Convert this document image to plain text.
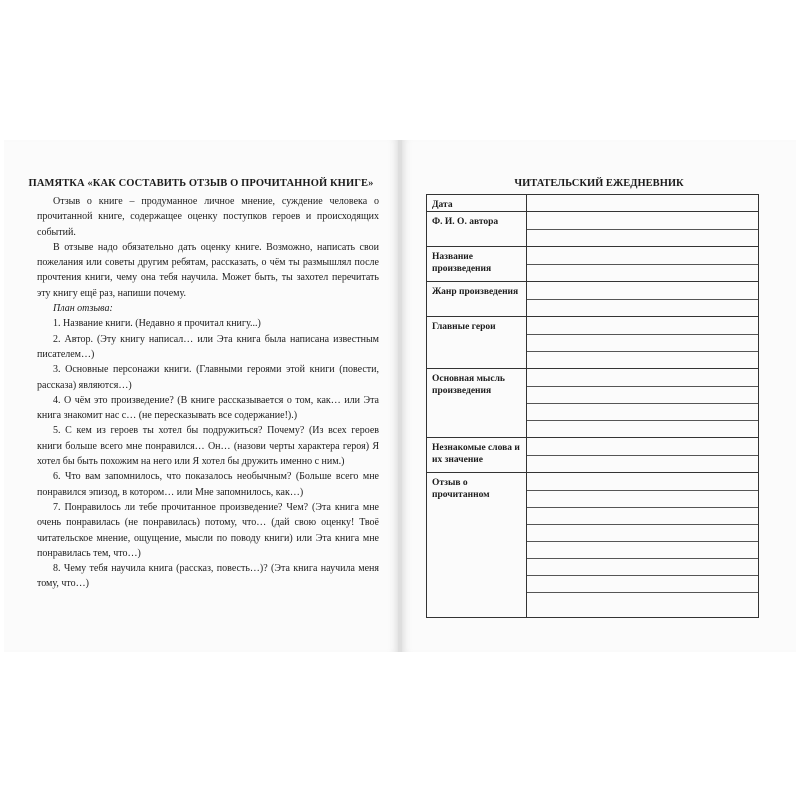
ПАМЯТКА «КАК СОСТАВИТЬ ОТЗЫВ О ПРОЧИТАННОЙ КНИГЕ»

Отзыв о книге – продуманное личное мнение, суждение человека о прочитанной книге, содержащее оценку поступков героев и происходящих событий.

В отзыве надо обязательно дать оценку книге. Возможно, написать свои пожелания или советы другим ребятам, рассказать, о чём ты размышлял после прочтения книги, чему она тебя научила. Может быть, ты захотел перечитать эту книгу ещё раз, напиши почему.

План отзыва:

1. Название книги. (Недавно я прочитал книгу...)

2. Автор. (Эту книгу написал… или Эта книга была написана известным писателем…)

3. Основные персонажи книги. (Главными героями этой книги (повести, рассказа) являются…)

4. О чём это произведение? (В книге рассказывается о том, как… или Эта книга знакомит нас с… (не пересказывать все содержание!).)

5. С кем из героев ты хотел бы подружиться? Почему? (Из всех героев книги больше всего мне понравился… Он… (назови черты характера героя) Я хотел бы быть похожим на него или Я хотел бы дружить именно с ним.)

6. Что вам запомнилось, что показалось необычным? (Больше всего мне понравился эпизод, в котором… или Мне запомнилось, как…)

7. Понравилось ли тебе прочитанное произведение? Чем? (Эта книга мне очень понравилась (не понравилась) потому, что… (дай свою оценку! Твоё читательское мнение, ощущение, мысли по поводу книги) или Эта книга мне понравилась тем, что…)

8. Чему тебя научила книга (рассказ, повесть…)? (Эта книга научила меня тому, что…)

ЧИТАТЕЛЬСКИЙ ЕЖЕДНЕВНИК
Дата
Ф. И. О. автора
Название произведения
Жанр произведения
Главные герои
Основная мысль произведения
Незнакомые слова и их значение
Отзыв о прочитанном
